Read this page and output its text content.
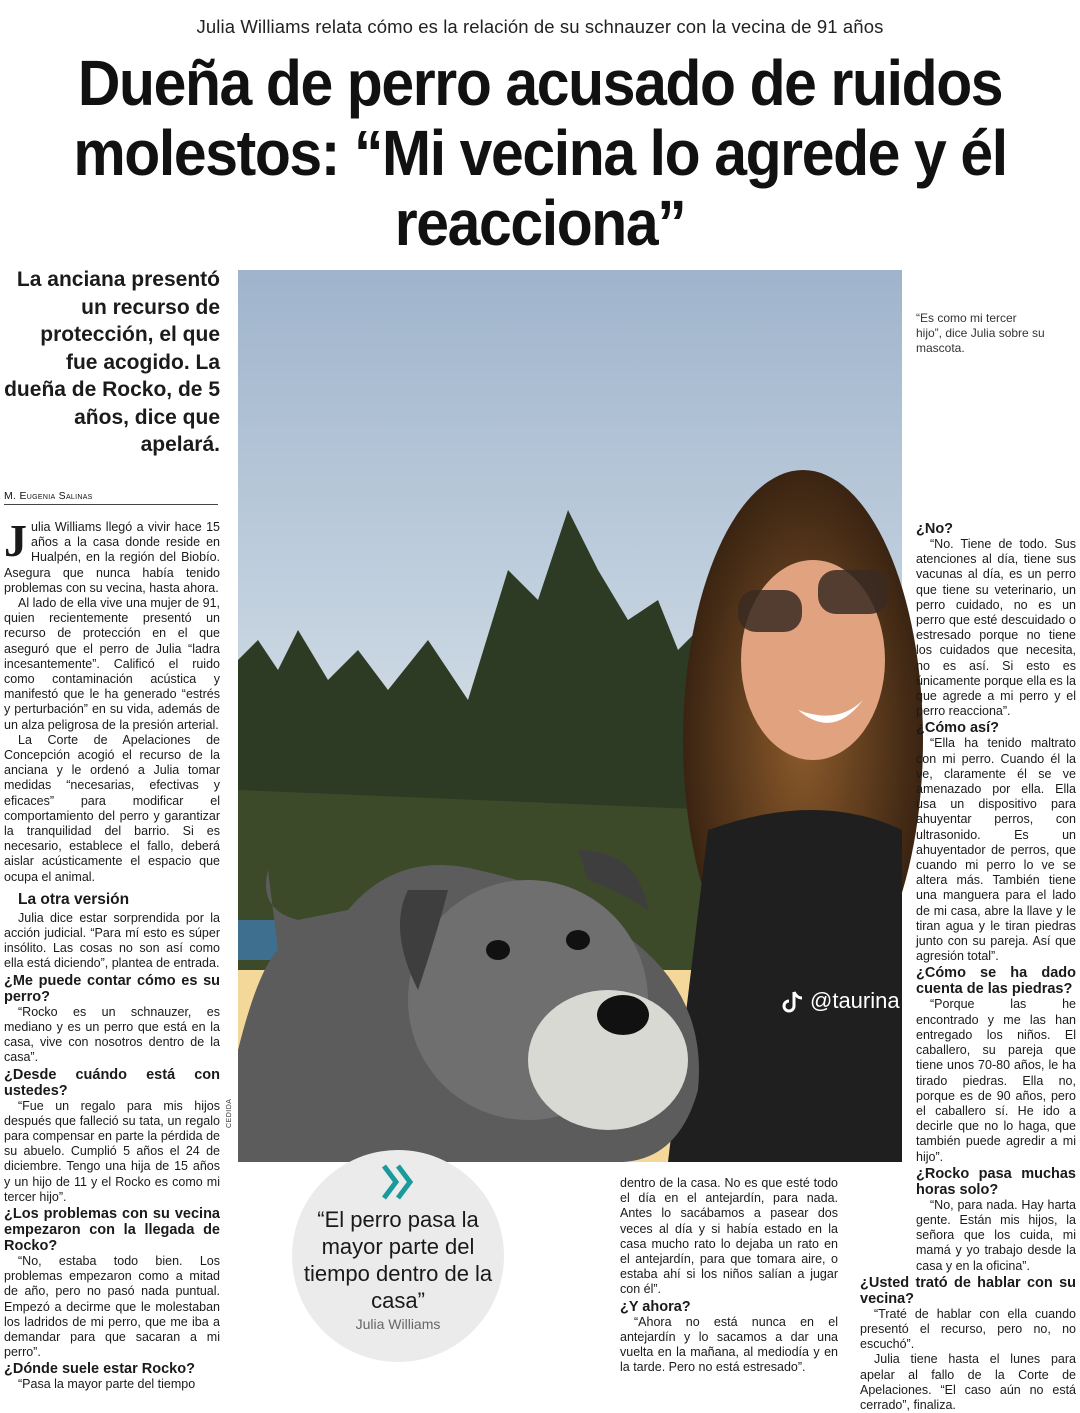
Julia Williams relata cómo es la relación de su schnauzer con la vecina de 91 años
Dueña de perro acusado de ruidos
molestos: “Mi vecina lo agrede y él
reacciona”
La anciana presentó un recurso de protección, el que fue acogido. La dueña de Rocko, de 5 años, dice que apelará.
M. Eugenia Salinas
J ulia Williams llegó a vivir hace 15 años a la casa donde reside en Hualpén, en la región del Biobío. Asegura que nunca había tenido problemas con su vecina, hasta ahora.

Al lado de ella vive una mujer de 91, quien recientemente presentó un recurso de protección en el que aseguró que el perro de Julia “ladra incesantemente”. Calificó el ruido como contaminación acústica y manifestó que le ha generado “estrés y perturbación” en su vida, además de un alza peligrosa de la presión arterial.

La Corte de Apelaciones de Concepción acogió el recurso de la anciana y le ordenó a Julia tomar medidas “necesarias, efectivas y eficaces” para modificar el comportamiento del perro y garantizar la tranquilidad del barrio. Si es necesario, establece el fallo, deberá aislar acústicamente el espacio que ocupa el animal.

La otra versión

Julia dice estar sorprendida por la acción judicial. “Para mí esto es súper insólito. Las cosas no son así como ella está diciendo”, plantea de entrada.

¿Me puede contar cómo es su perro?

“Rocko es un schnauzer, es mediano y es un perro que está en la casa, vive con nosotros dentro de la casa”.

¿Desde cuándo está con ustedes?

“Fue un regalo para mis hijos después que falleció su tata, un regalo para compensar en parte la pérdida de su abuelo. Cumplió 5 años el 24 de diciembre. Tengo una hija de 15 años y un hijo de 11 y el Rocko es como mi tercer hijo”.

¿Los problemas con su vecina empezaron con la llegada de Rocko?

“No, estaba todo bien. Los problemas empezaron como a mitad de año, pero no pasó nada puntual. Empezó a decirme que le molestaban los ladridos de mi perro, que me iba a demandar para que sacaran a mi perro”.

¿Dónde suele estar Rocko?

“Pasa la mayor parte del tiempo

@taurina
“Es como mi tercer hijo”, dice Julia sobre su mascota.
CEDIDA
“El perro pasa la mayor parte del tiempo dentro de la casa”
Julia Williams

dentro de la casa. No es que esté todo el día en el antejardín, para nada. Antes lo sacábamos a pasear dos veces al día y si había estado en la casa mucho rato lo dejaba un rato en el antejardín, para que tomara aire, o estaba ahí si los niños salían a jugar con él”.

¿Y ahora?

“Ahora no está nunca en el antejardín y lo sacamos a dar una vuelta en la mañana, al mediodía y en la tarde. Pero no está estresado”.

¿No?

“No. Tiene de todo. Sus atenciones al día, tiene sus vacunas al día, es un perro que tiene su veterinario, un perro cuidado, no es un perro que esté descuidado o estresado porque no tiene los cuidados que necesita, no es así. Si esto es únicamente porque ella es la que agrede a mi perro y el perro reacciona”.

¿Cómo así?

“Ella ha tenido maltrato con mi perro. Cuando él la ve, claramente él se ve amenazado por ella. Ella usa un dispositivo para ahuyentar perros, con ultrasonido. Es un ahuyentador de perros, que cuando mi perro lo ve se altera más. También tiene una manguera para el lado de mi casa, abre la llave y le tiran agua y le tiran piedras junto con su pareja. Así que agresión total”.

¿Cómo se ha dado cuenta de las piedras?

“Porque las he encontrado y me las han entregado los niños. El caballero, su pareja que tiene unos 70-80 años, le ha tirado piedras. Ella no, porque es de 90 años, pero el caballero sí. He ido a decirle que no lo haga, que también puede agredir a mi hijo”.

¿Rocko pasa muchas horas solo?

“No, para nada. Hay harta gente. Están mis hijos, la señora que los cuida, mi mamá y yo trabajo desde la casa y en la oficina”.

¿Usted trató de hablar con su vecina?

“Traté de hablar con ella cuando presentó el recurso, pero no, no escuchó”.

Julia tiene hasta el lunes para apelar al fallo de la Corte de Apelaciones. “El caso aún no está cerrado”, finaliza.
